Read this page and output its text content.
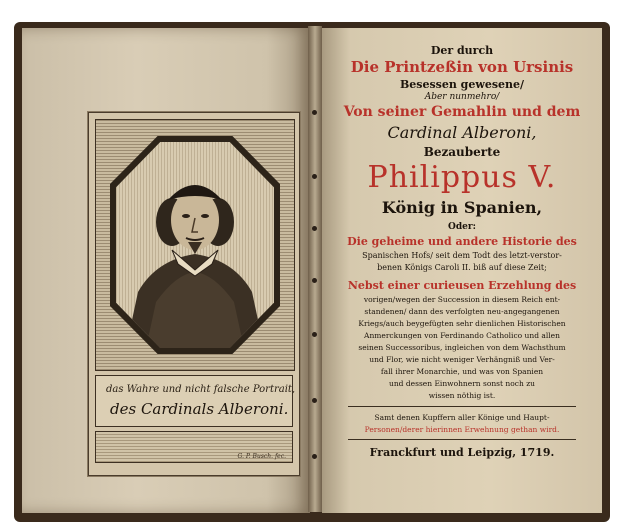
das Wahre und nicht falsche Portrait,
des Cardinals Alberoni.
G. P. Busch. fec.
Der durch
Die Printzeßin von Ursinis
Besessen gewesene/
Aber nunmehro/
Von seiner Gemahlin und dem
Cardinal Alberoni,
Bezauberte
Philippus V.
König in Spanien,
Oder:
Die geheime und andere Historie des
Spanischen Hofs/ seit dem Todt des letzt-verstor-
benen Königs Caroli II. biß auf diese Zeit;
Nebst einer curieusen Erzehlung des
vorigen/wegen der Succession in diesem Reich ent-
standenen/ dann des verfolgten neu-angegangenen
Kriegs/auch beygefügten sehr dienlichen Historischen
Anmerckungen von Ferdinando Catholico und allen
seinen Successoribus, ingleichen von dem Wachsthum
und Flor, wie nicht weniger Verhängniß und Ver-
fall ihrer Monarchie, und was von Spanien
und dessen Einwohnern sonst noch zu
wissen nöthig ist.
Samt denen Kupffern aller Könige und Haupt-
Personen/derer hierinnen Erwehnung gethan wird.
Franckfurt und Leipzig, 1719.
